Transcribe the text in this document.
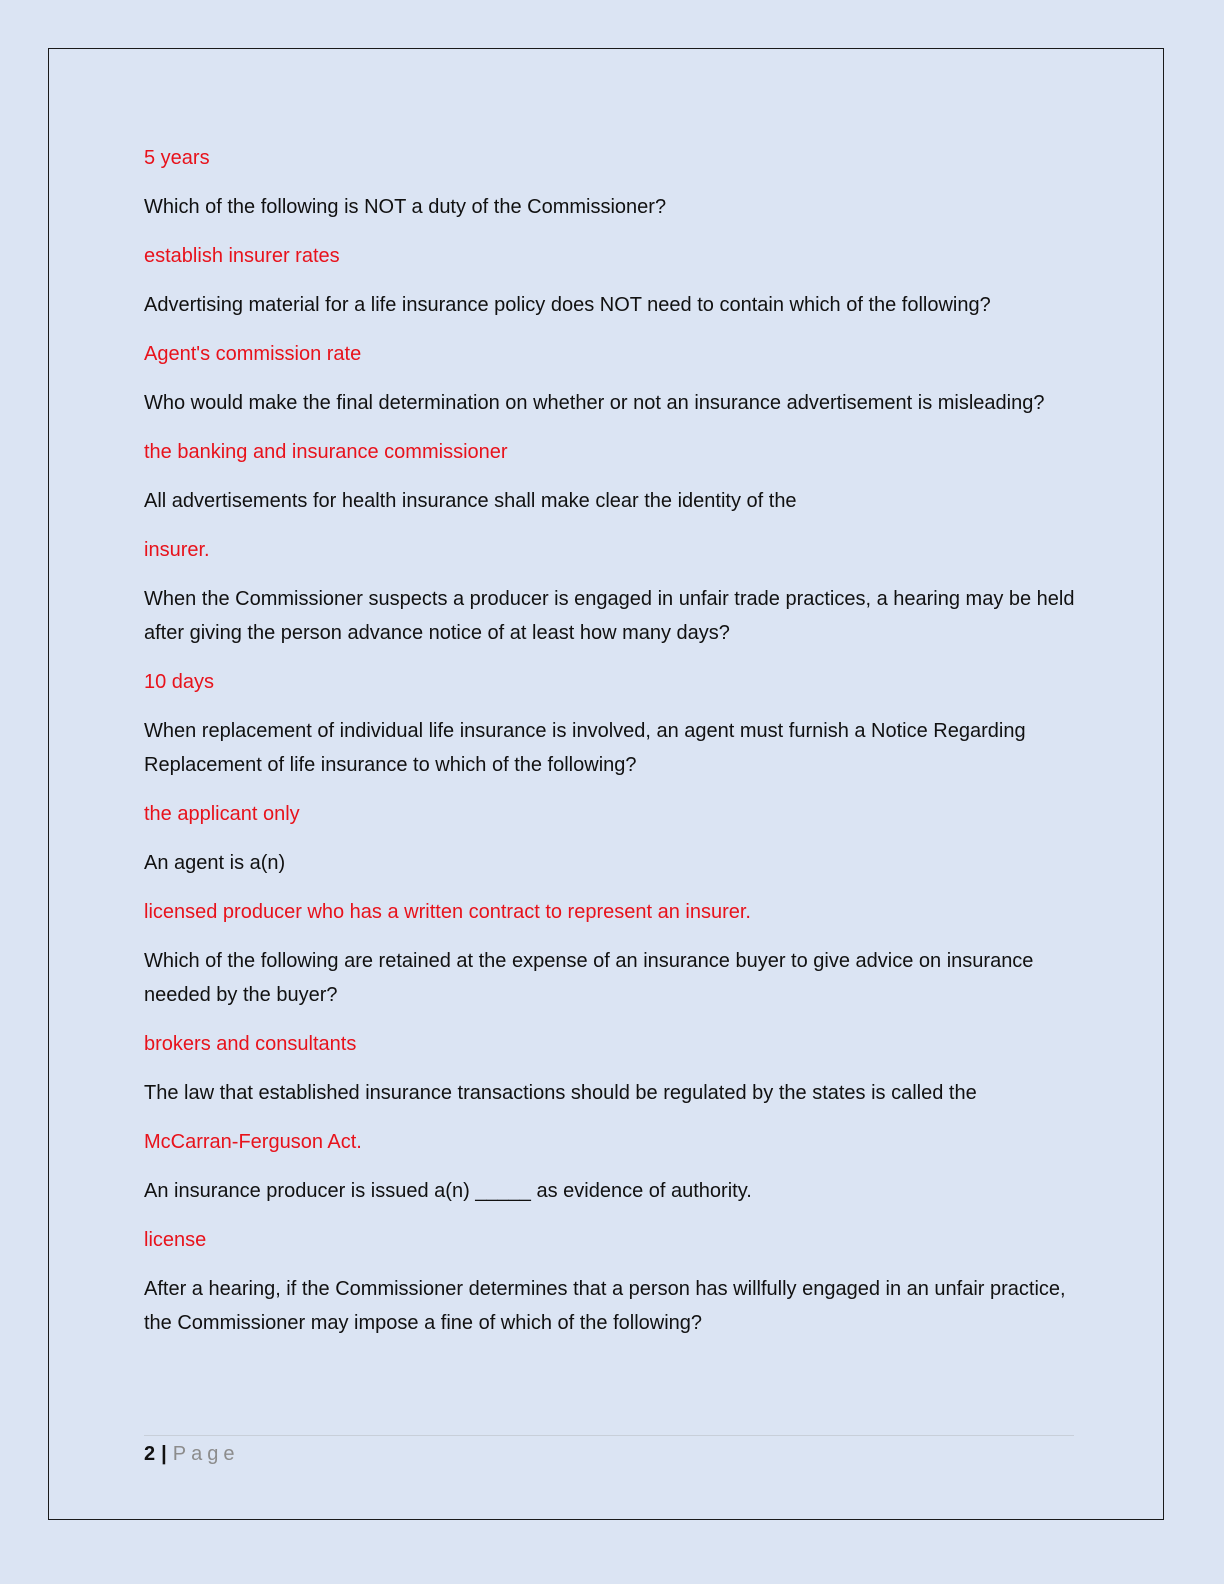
5 years

Which of the following is NOT a duty of the Commissioner?

establish insurer rates

Advertising material for a life insurance policy does NOT need to contain which of the following?

Agent's commission rate

Who would make the final determination on whether or not an insurance advertisement is misleading?

the banking and insurance commissioner

All advertisements for health insurance shall make clear the identity of the

insurer.

When the Commissioner suspects a producer is engaged in unfair trade practices, a hearing may be held after giving the person advance notice of at least how many days?

10 days

When replacement of individual life insurance is involved, an agent must furnish a Notice Regarding Replacement of life insurance to which of the following?

the applicant only

An agent is a(n)

licensed producer who has a written contract to represent an insurer.

Which of the following are retained at the expense of an insurance buyer to give advice on insurance needed by the buyer?

brokers and consultants

The law that established insurance transactions should be regulated by the states is called the

McCarran-Ferguson Act.

An insurance producer is issued a(n) _____ as evidence of authority.

license

After a hearing, if the Commissioner determines that a person has willfully engaged in an unfair practice, the Commissioner may impose a fine of which of the following?

2 | Page
